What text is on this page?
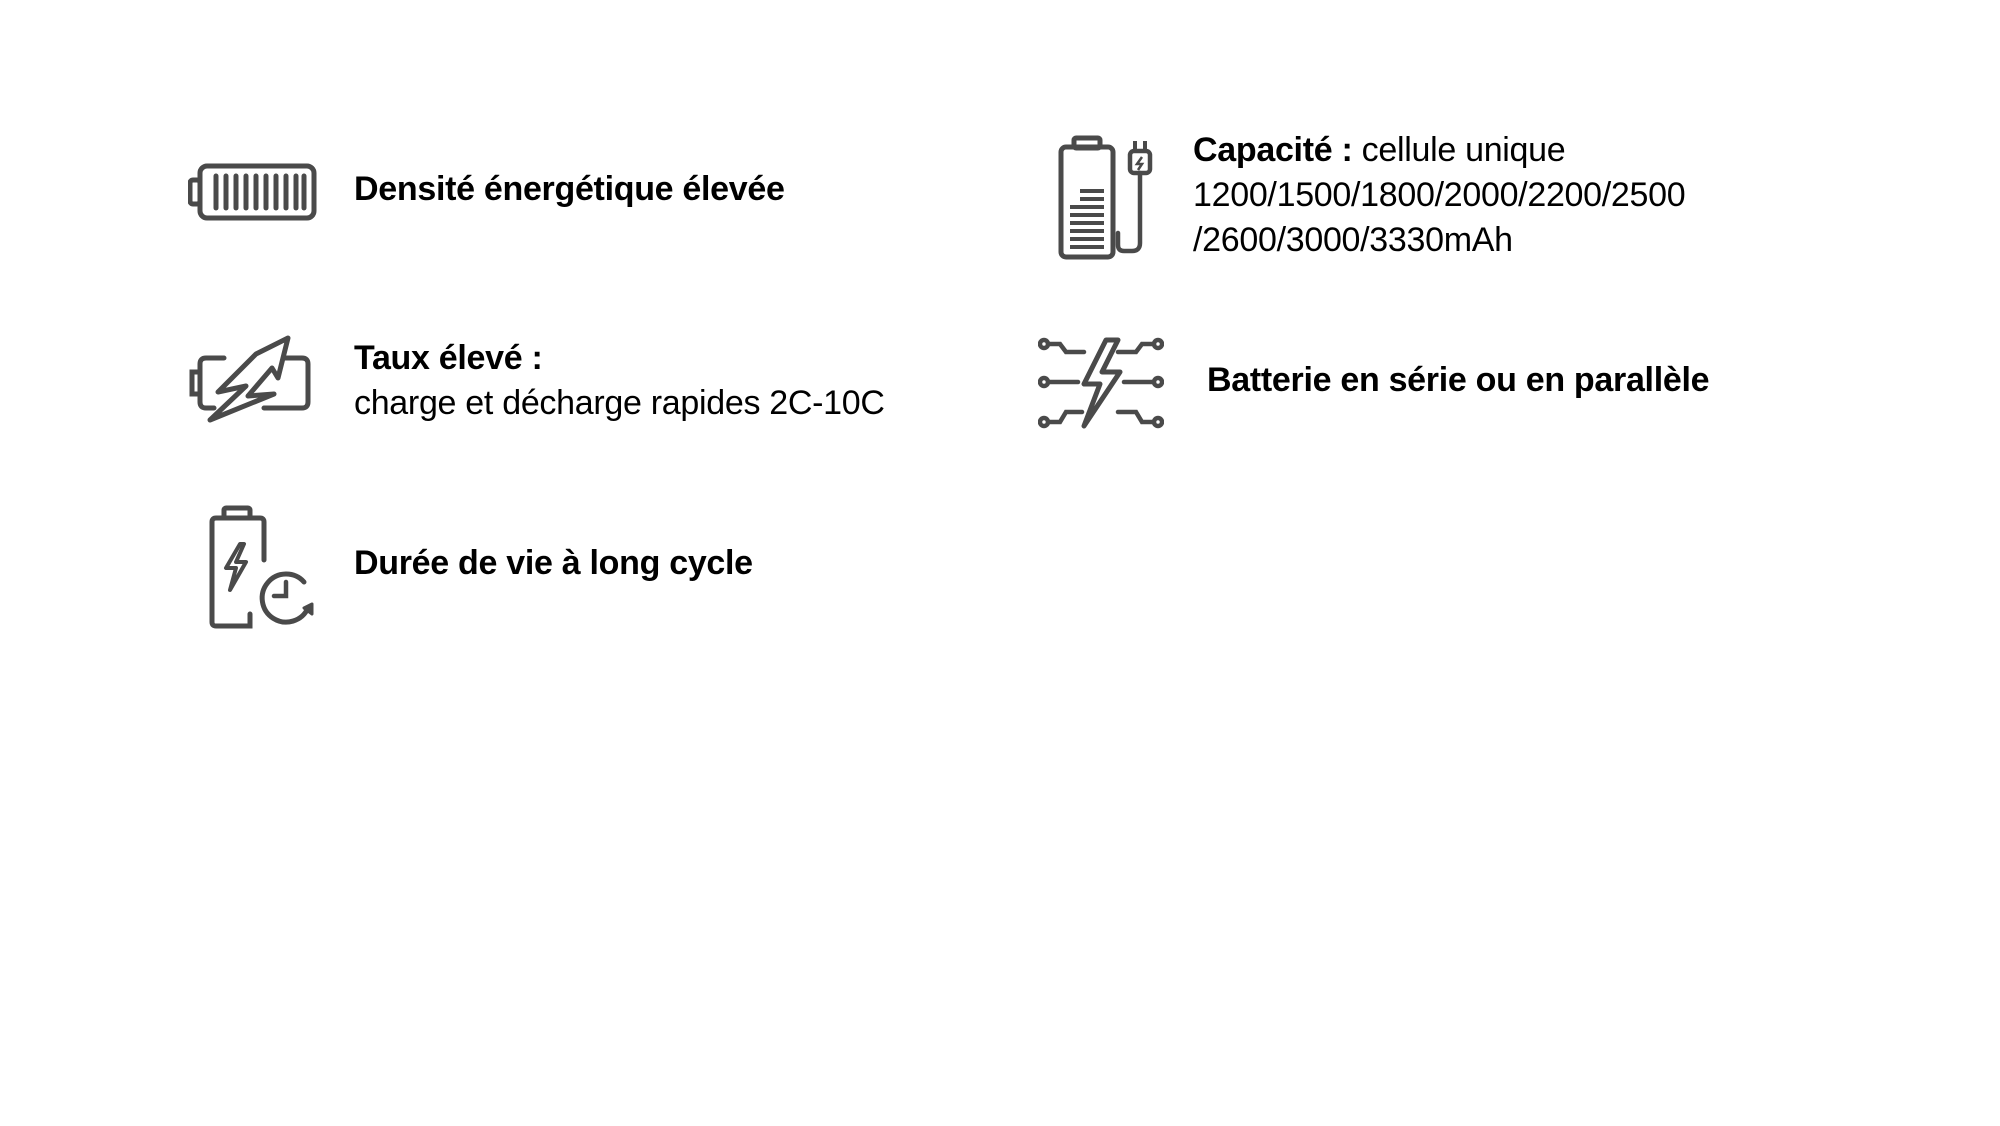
Densité énergétique élevée
Capacité : cellule unique
1200/1500/1800/2000/2200/2500
/2600/3000/3330mAh
Taux élevé :
charge et décharge rapides 2C-10C
Batterie en série ou en parallèle
Durée de vie à long cycle
